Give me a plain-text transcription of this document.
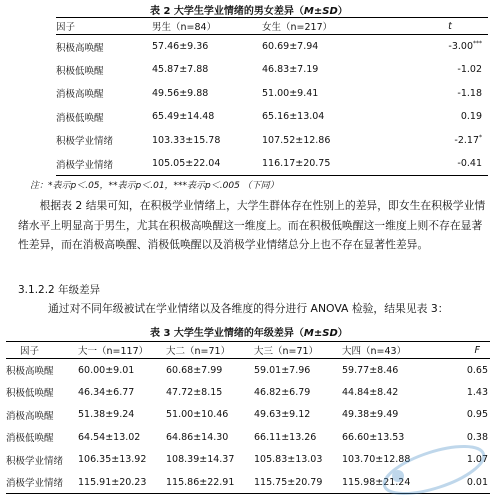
表 2 大学生学业情绪的男女差异（M±SD）
因子	男生（n=84）	女生（n=217）	t
积极高唤醒	57.46±9.36	60.69±7.94	-3.00***
积极低唤醒	45.87±7.88	46.83±7.19	-1.02
消极高唤醒	49.56±9.88	51.00±9.41	-1.18
消极低唤醒	65.49±14.48	65.16±13.04	0.19
积极学业情绪	103.33±15.78	107.52±12.86	-2.17*
消极学业情绪	105.05±22.04	116.17±20.75	-0.41
注：*表示p＜.05，**表示p＜.01，***表示p＜.005 （下同）

根据表 2 结果可知，在积极学业情绪上，大学生群体存在性别上的差异，即女生在积极学业情绪水平上明显高于男生，尤其在积极高唤醒这一维度上。而在积极低唤醒这一维度上则不存在显著性差异，而在消极高唤醒、消极低唤醒以及消极学业情绪总分上也不存在显著性差异。

3.1.2.2 年级差异
通过对不同年级被试在学业情绪以及各维度的得分进行 ANOVA 检验，结果见表 3：
表 3 大学生学业情绪的年级差异（M±SD）
因子	大一（n=117）	大二（n=71）	大三（n=71）	大四（n=43）	F
积极高唤醒	60.00±9.01	60.68±7.99	59.01±7.96	59.77±8.46	0.65
积极低唤醒	46.34±6.77	47.72±8.15	46.82±6.79	44.84±8.42	1.43
消极高唤醒	51.38±9.24	51.00±10.46	49.63±9.12	49.38±9.49	0.95
消极低唤醒	64.54±13.02	64.86±14.30	66.11±13.26	66.60±13.53	0.38
积极学业情绪	106.35±13.92	108.39±14.37	105.83±13.03	103.70±12.88	1.07
消极学业情绪	115.91±20.23	115.86±22.91	115.75±20.79	115.98±21.24	0.01
